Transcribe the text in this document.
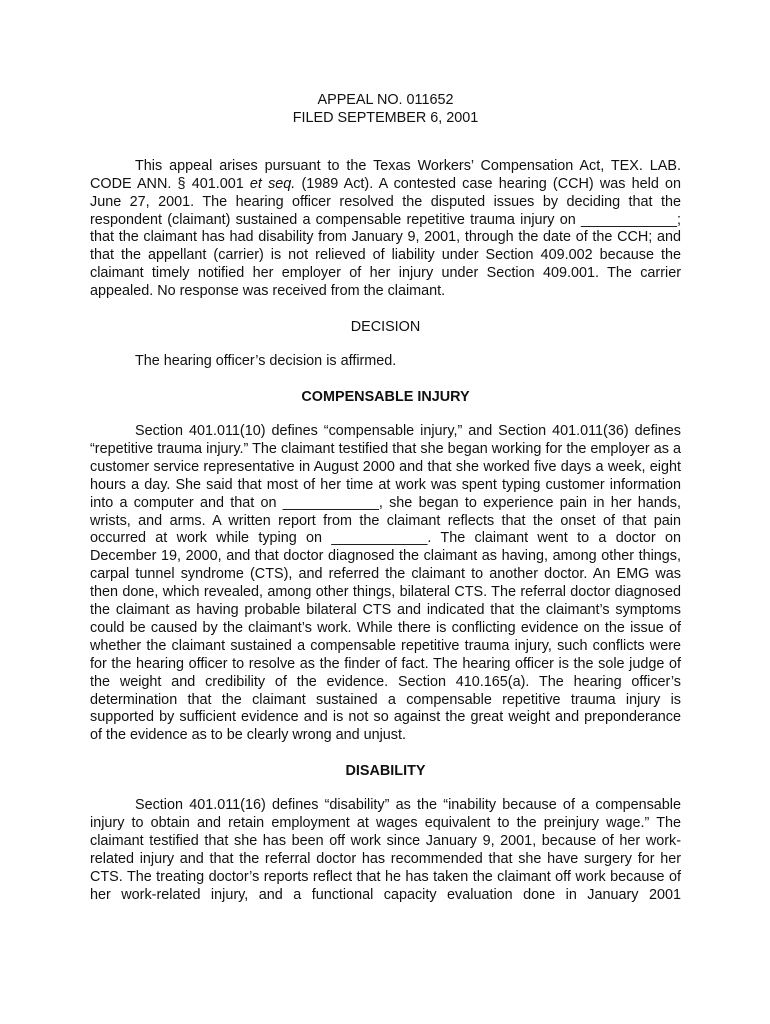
APPEAL NO. 011652
FILED SEPTEMBER 6, 2001

This appeal arises pursuant to the Texas Workers’ Compensation Act, TEX. LAB. CODE ANN. § 401.001 et seq. (1989 Act). A contested case hearing (CCH) was held on June 27, 2001. The hearing officer resolved the disputed issues by deciding that the respondent (claimant) sustained a compensable repetitive trauma injury on ____________; that the claimant has had disability from January 9, 2001, through the date of the CCH; and that the appellant (carrier) is not relieved of liability under Section 409.002 because the claimant timely notified her employer of her injury under Section 409.001. The carrier appealed. No response was received from the claimant.

DECISION

The hearing officer’s decision is affirmed.

COMPENSABLE INJURY

Section 401.011(10) defines “compensable injury,” and Section 401.011(36) defines “repetitive trauma injury.” The claimant testified that she began working for the employer as a customer service representative in August 2000 and that she worked five days a week, eight hours a day. She said that most of her time at work was spent typing customer information into a computer and that on ____________, she began to experience pain in her hands, wrists, and arms. A written report from the claimant reflects that the onset of that pain occurred at work while typing on ____________. The claimant went to a doctor on December 19, 2000, and that doctor diagnosed the claimant as having, among other things, carpal tunnel syndrome (CTS), and referred the claimant to another doctor. An EMG was then done, which revealed, among other things, bilateral CTS. The referral doctor diagnosed the claimant as having probable bilateral CTS and indicated that the claimant’s symptoms could be caused by the claimant’s work. While there is conflicting evidence on the issue of whether the claimant sustained a compensable repetitive trauma injury, such conflicts were for the hearing officer to resolve as the finder of fact. The hearing officer is the sole judge of the weight and credibility of the evidence. Section 410.165(a). The hearing officer’s determination that the claimant sustained a compensable repetitive trauma injury is supported by sufficient evidence and is not so against the great weight and preponderance of the evidence as to be clearly wrong and unjust.

DISABILITY

Section 401.011(16) defines “disability” as the “inability because of a compensable injury to obtain and retain employment at wages equivalent to the preinjury wage.” The claimant testified that she has been off work since January 9, 2001, because of her work-related injury and that the referral doctor has recommended that she have surgery for her CTS. The treating doctor’s reports reflect that he has taken the claimant off work because of her work-related injury, and a functional capacity evaluation done in January 2001
